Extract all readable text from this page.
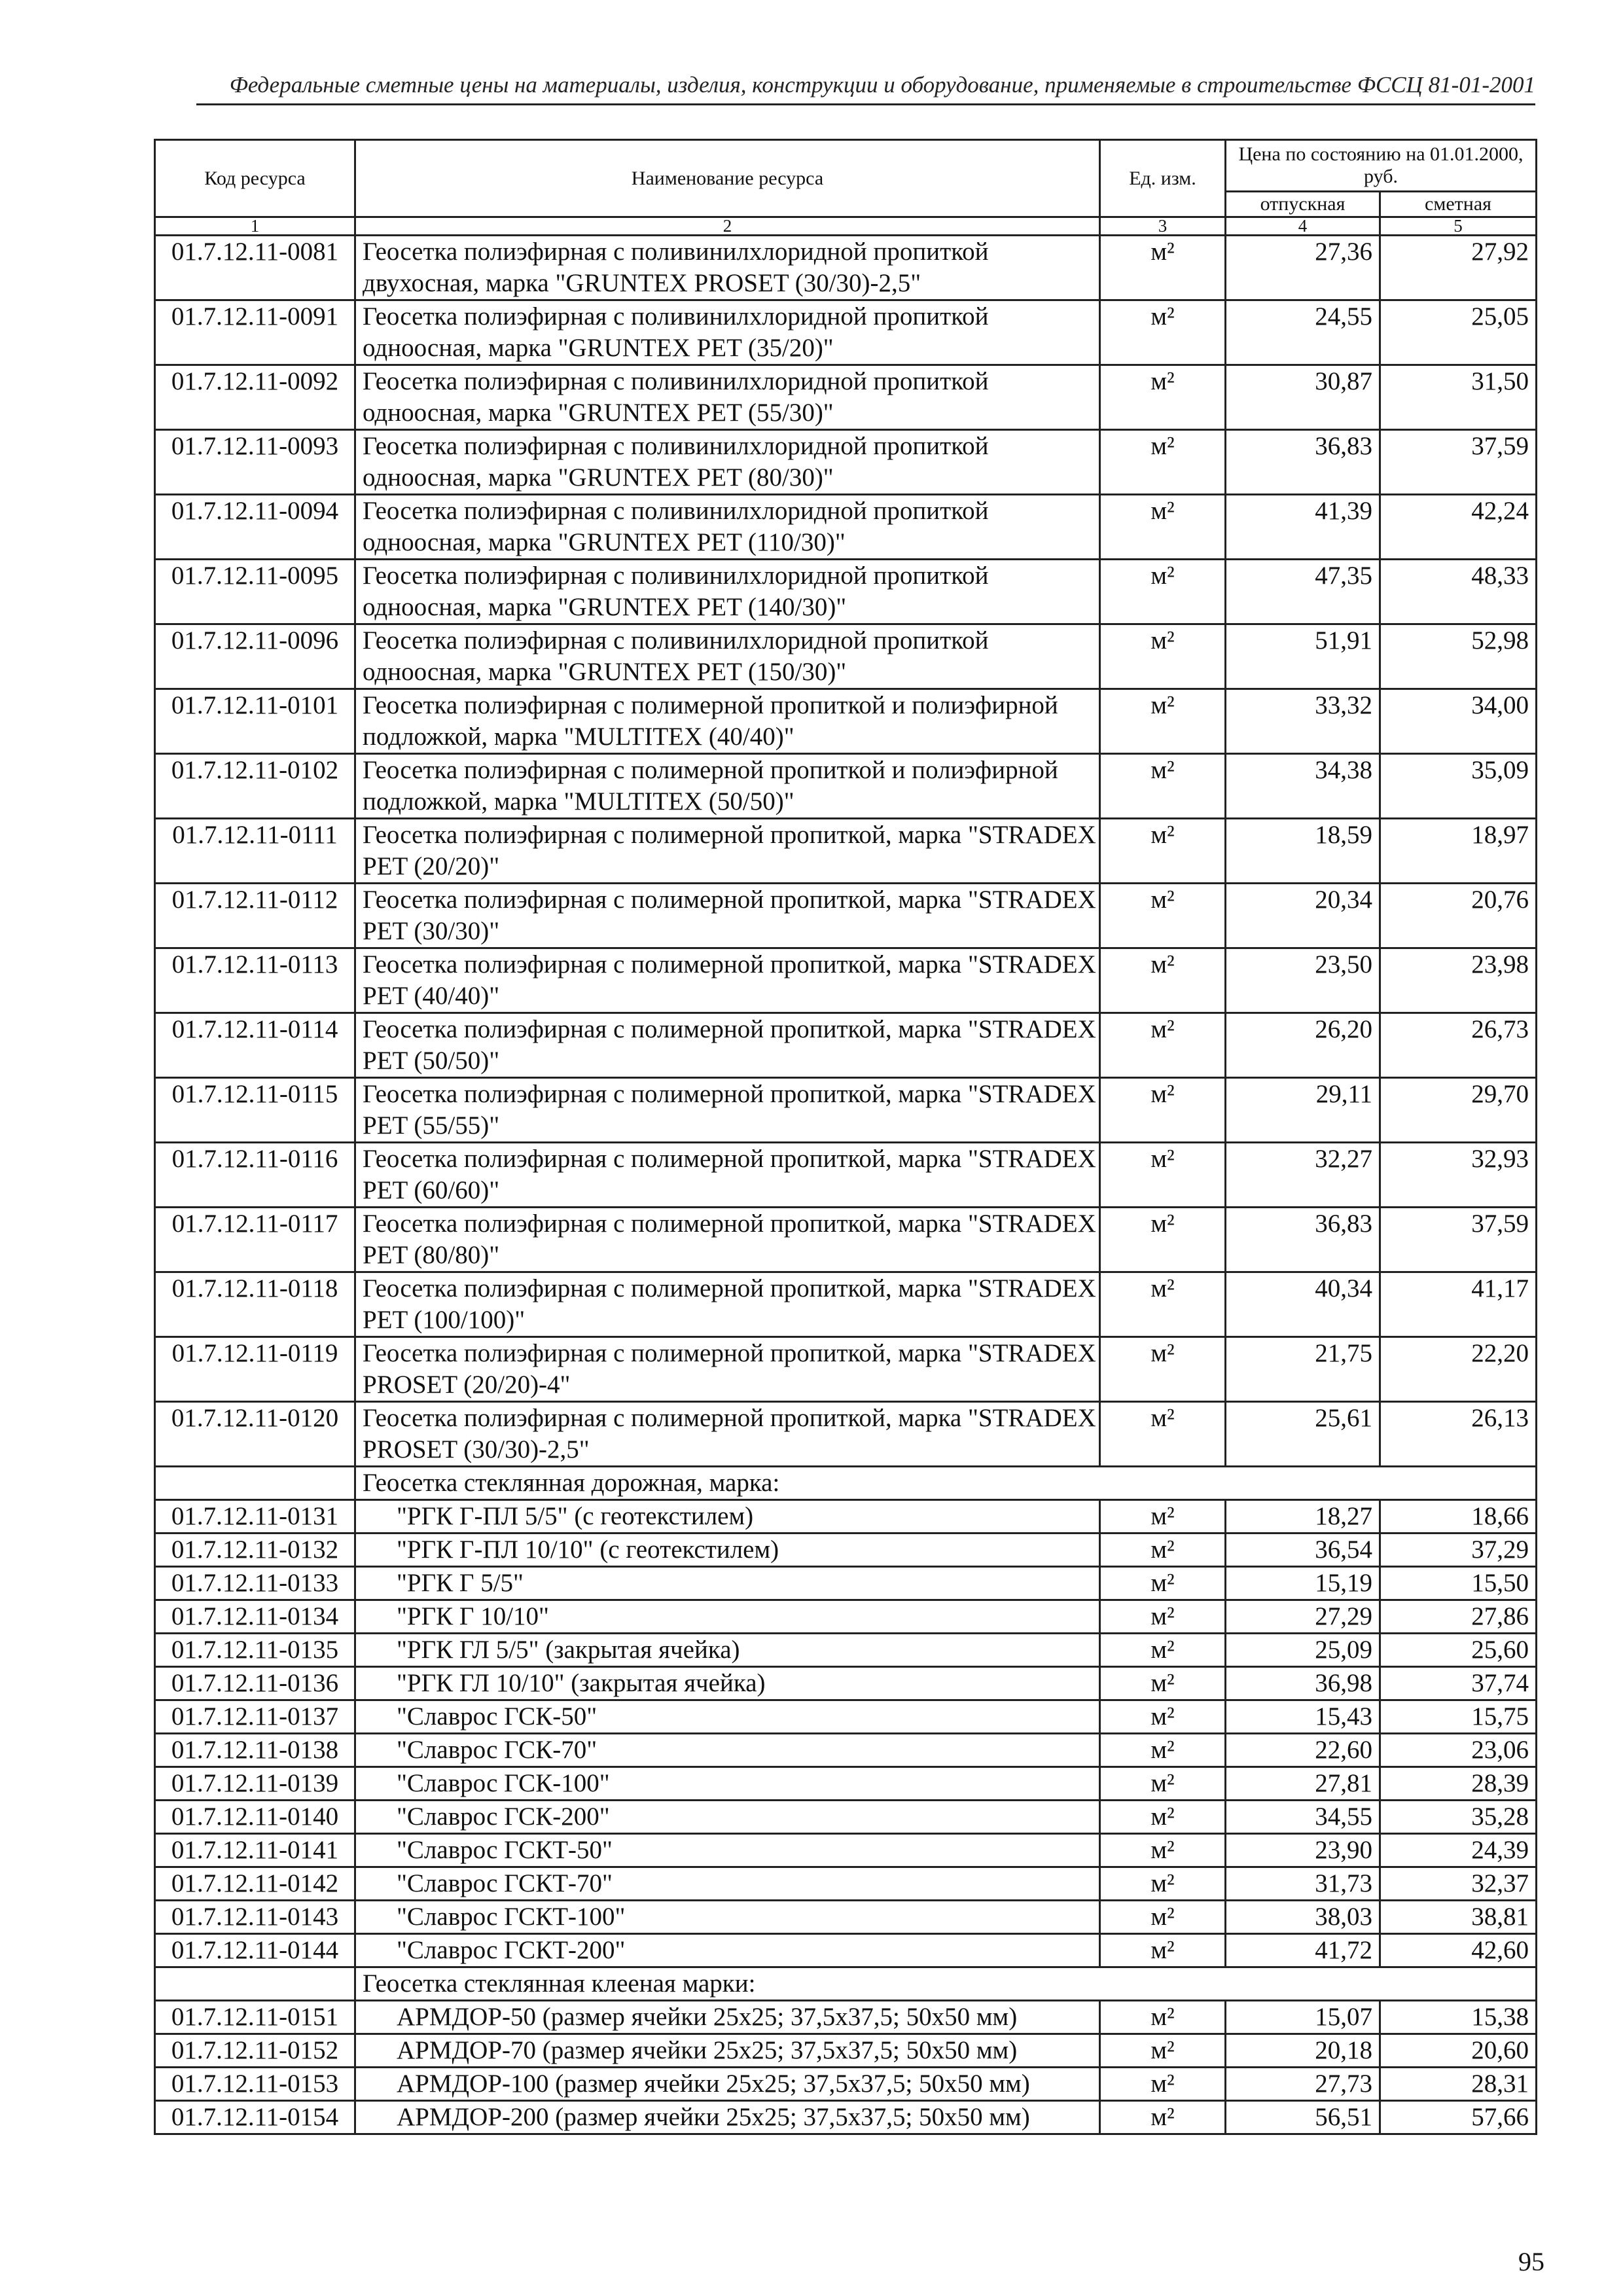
Федеральные сметные цены на материалы, изделия, конструкции и оборудование, применяемые в строительстве ФССЦ 81-01-2001
Код ресурса	Наименование ресурса	Ед. изм.	Цена по состоянию на 01.01.2000, руб.	
			отпускная	сметная
1	2	3	4	5
01.7.12.11-0081	Геосетка полиэфирная с поливинилхлоридной пропиткой двухосная, марка "GRUNTEX PROSET (30/30)-2,5"	м²	27,36	27,92
01.7.12.11-0091	Геосетка полиэфирная с поливинилхлоридной пропиткой одноосная, марка "GRUNTEX PET (35/20)"	м²	24,55	25,05
01.7.12.11-0092	Геосетка полиэфирная с поливинилхлоридной пропиткой одноосная, марка "GRUNTEX PET (55/30)"	м²	30,87	31,50
01.7.12.11-0093	Геосетка полиэфирная с поливинилхлоридной пропиткой одноосная, марка "GRUNTEX PET (80/30)"	м²	36,83	37,59
01.7.12.11-0094	Геосетка полиэфирная с поливинилхлоридной пропиткой одноосная, марка "GRUNTEX PET (110/30)"	м²	41,39	42,24
01.7.12.11-0095	Геосетка полиэфирная с поливинилхлоридной пропиткой одноосная, марка "GRUNTEX PET (140/30)"	м²	47,35	48,33
01.7.12.11-0096	Геосетка полиэфирная с поливинилхлоридной пропиткой одноосная, марка "GRUNTEX PET (150/30)"	м²	51,91	52,98
01.7.12.11-0101	Геосетка полиэфирная с полимерной пропиткой и полиэфирной подложкой, марка "MULTITEX (40/40)"	м²	33,32	34,00
01.7.12.11-0102	Геосетка полиэфирная с полимерной пропиткой и полиэфирной подложкой, марка "MULTITEX (50/50)"	м²	34,38	35,09
01.7.12.11-0111	Геосетка полиэфирная с полимерной пропиткой, марка "STRADEX PET (20/20)"	м²	18,59	18,97
01.7.12.11-0112	Геосетка полиэфирная с полимерной пропиткой, марка "STRADEX PET (30/30)"	м²	20,34	20,76
01.7.12.11-0113	Геосетка полиэфирная с полимерной пропиткой, марка "STRADEX PET (40/40)"	м²	23,50	23,98
01.7.12.11-0114	Геосетка полиэфирная с полимерной пропиткой, марка "STRADEX PET (50/50)"	м²	26,20	26,73
01.7.12.11-0115	Геосетка полиэфирная с полимерной пропиткой, марка "STRADEX PET (55/55)"	м²	29,11	29,70
01.7.12.11-0116	Геосетка полиэфирная с полимерной пропиткой, марка "STRADEX PET (60/60)"	м²	32,27	32,93
01.7.12.11-0117	Геосетка полиэфирная с полимерной пропиткой, марка "STRADEX PET (80/80)"	м²	36,83	37,59
01.7.12.11-0118	Геосетка полиэфирная с полимерной пропиткой, марка "STRADEX PET (100/100)"	м²	40,34	41,17
01.7.12.11-0119	Геосетка полиэфирная с полимерной пропиткой, марка "STRADEX PROSET (20/20)-4"	м²	21,75	22,20
01.7.12.11-0120	Геосетка полиэфирная с полимерной пропиткой, марка "STRADEX PROSET (30/30)-2,5"	м²	25,61	26,13
	Геосетка стеклянная дорожная, марка:			
01.7.12.11-0131	"РГК Г-ПЛ 5/5" (с геотекстилем)	м²	18,27	18,66
01.7.12.11-0132	"РГК Г-ПЛ 10/10" (с геотекстилем)	м²	36,54	37,29
01.7.12.11-0133	"РГК Г 5/5"	м²	15,19	15,50
01.7.12.11-0134	"РГК Г 10/10"	м²	27,29	27,86
01.7.12.11-0135	"РГК ГЛ 5/5" (закрытая ячейка)	м²	25,09	25,60
01.7.12.11-0136	"РГК ГЛ 10/10" (закрытая ячейка)	м²	36,98	37,74
01.7.12.11-0137	"Славрос ГСК-50"	м²	15,43	15,75
01.7.12.11-0138	"Славрос ГСК-70"	м²	22,60	23,06
01.7.12.11-0139	"Славрос ГСК-100"	м²	27,81	28,39
01.7.12.11-0140	"Славрос ГСК-200"	м²	34,55	35,28
01.7.12.11-0141	"Славрос ГСКТ-50"	м²	23,90	24,39
01.7.12.11-0142	"Славрос ГСКТ-70"	м²	31,73	32,37
01.7.12.11-0143	"Славрос ГСКТ-100"	м²	38,03	38,81
01.7.12.11-0144	"Славрос ГСКТ-200"	м²	41,72	42,60
	Геосетка стеклянная клееная марки:			
01.7.12.11-0151	АРМДОР-50 (размер ячейки 25x25; 37,5x37,5; 50x50 мм)	м²	15,07	15,38
01.7.12.11-0152	АРМДОР-70 (размер ячейки 25x25; 37,5x37,5; 50x50 мм)	м²	20,18	20,60
01.7.12.11-0153	АРМДОР-100 (размер ячейки 25x25; 37,5x37,5; 50x50 мм)	м²	27,73	28,31
01.7.12.11-0154	АРМДОР-200 (размер ячейки 25x25; 37,5x37,5; 50x50 мм)	м²	56,51	57,66
95
